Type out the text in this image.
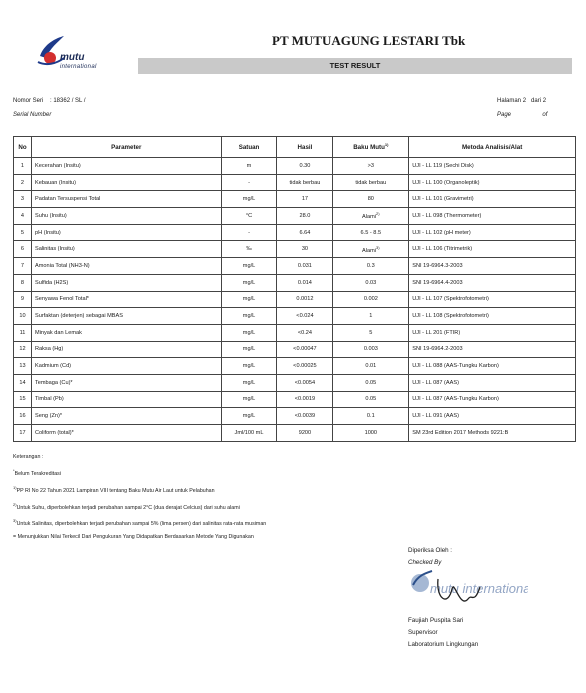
mutu
international
PT MUTUAGUNG LESTARI Tbk
TEST RESULT
Nomor Seri : 18362 / SL /
Serial Number
Halaman 2 dari 2
Page	of
No	Parameter	Satuan	Hasil	Baku Mutu$^{1)}$	Metoda Analisis/Alat
1	Kecerahan (Insitu)	m	0.30	>3	UJI - LL 119 (Sechi Disk)
2	Kebauan (Insitu)	-	tidak berbau	tidak berbau	UJI - LL 100 (Organoleptik)
3	Padatan Tersuspensi Total	mg/L	17	80	UJI - LL 101 (Gravimetri)
4	Suhu (Insitu)	°C	28.0	Alami$^{2)}$	UJI - LL 098 (Thermometer)
5	pH (Insitu)	-	6.64	6.5 - 8.5	UJI - LL 102 (pH meter)
6	Salinitas (Insitu)	‰	30	Alami$^{3)}$	UJI - LL 106 (Titrimetrik)
7	Amonia Total (NH3-N)	mg/L	0.031	0.3	SNI 19-6964.3-2003
8	Sulfida (H2S)	mg/L	0.014	0.03	SNI 19-6964.4-2003
9	Senyawa Fenol Total*	mg/L	0.0012	0.002	UJI - LL 107 (Spektrofotometri)
10	Surfaktan (deterjen) sebagai MBAS	mg/L	<0.024	1	UJI - LL 108 (Spektrofotometri)
11	Minyak dan Lemak	mg/L	<0.24	5	UJI - LL 201 (FTIR)
12	Raksa (Hg)	mg/L	<0.00047	0.003	SNI 19-6964.2-2003
13	Kadmium (Cd)	mg/L	<0.00025	0.01	UJI - LL 088 (AAS-Tungku Karbon)
14	Tembaga (Cu)*	mg/L	<0.0054	0.05	UJI - LL 087 (AAS)
15	Timbal (Pb)	mg/L	<0.0019	0.05	UJI - LL 087 (AAS-Tungku Karbon)
16	Seng (Zn)*	mg/L	<0.0039	0.1	UJI - LL 091 (AAS)
17	Coliform (total)*	Jml/100 mL	9200	1000	SM 23rd Edition 2017 Methods 9221:B
Keterangan :
*Belum Terakreditasi
$^{1)}$PP RI No 22 Tahun 2021 Lampiran VIII tentang Baku Mutu Air Laut untuk Pelabuhan
$^{2)}$Untuk Suhu, diperbolehkan terjadi perubahan sampai 2°C (dua derajat Celcius) dari suhu alami
$^{3)}$Untuk Salinitas, diperbolehkan terjadi perubahan sampai 5% (lima persen) dari salinitas rata-rata musiman
= Menunjukkan Nilai Terkecil Dari Pengukuran Yang Didapatkan Berdasarkan Metode Yang Digunakan
Diperiksa Oleh :
Checked By
mutu international
Faujiah Puspita Sari
Supervisor
Laboratorium Lingkungan
